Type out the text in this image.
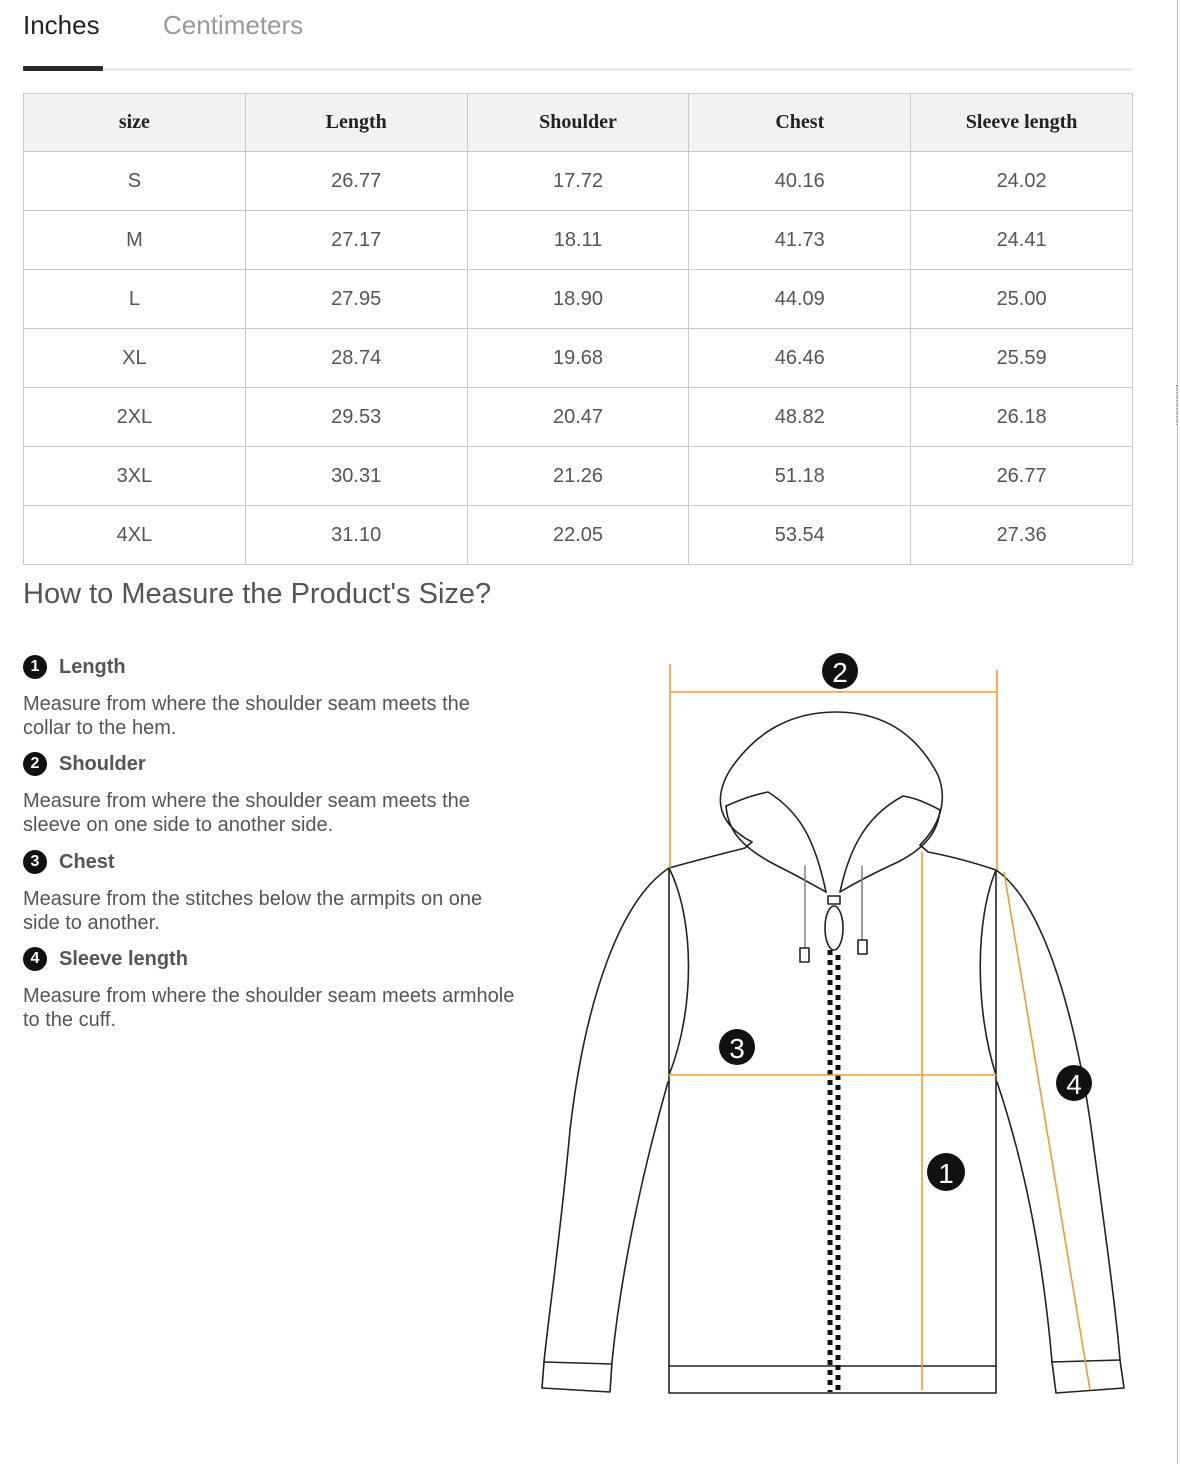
Inches Centimeters
size	Length	Shoulder	Chest	Sleeve length
S	26.77	17.72	40.16	24.02
M	27.17	18.11	41.73	24.41
L	27.95	18.90	44.09	25.00
XL	28.74	19.68	46.46	25.59
2XL	29.53	20.47	48.82	26.18
3XL	30.31	21.26	51.18	26.77
4XL	31.10	22.05	53.54	27.36
How to Measure the Product's Size?
1 Length
Measure from where the shoulder seam meets the collar to the hem.
2 Shoulder
Measure from where the shoulder seam meets the sleeve on one side to another side.
3 Chest
Measure from the stitches below the armpits on one side to another.
4 Sleeve length
Measure from where the shoulder seam meets armhole to the cuff.
2
3
1
4
